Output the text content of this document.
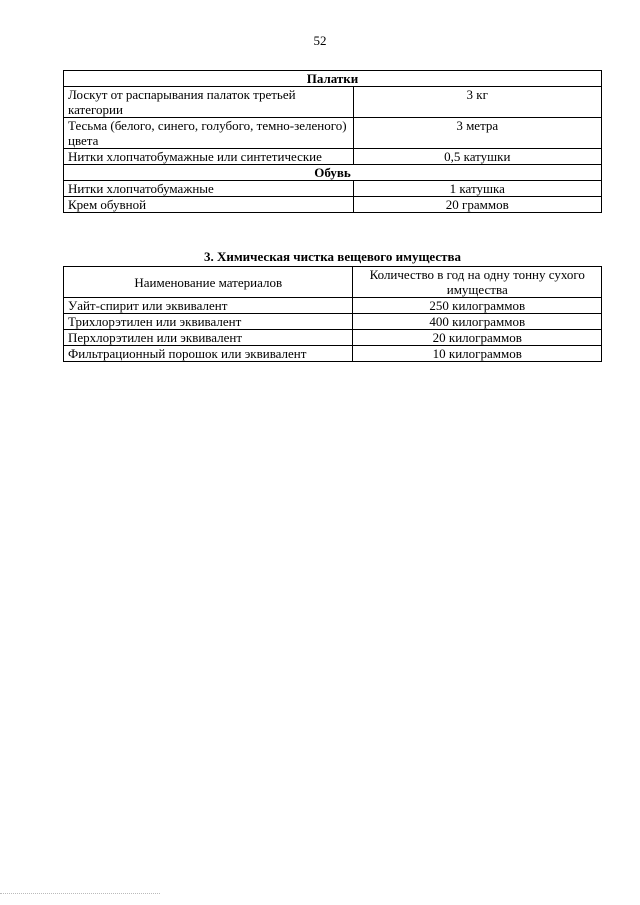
52
Палатки	
Лоскут от распарывания палаток третьей категории	3 кг
Тесьма (белого, синего, голубого, темно-зеленого) цвета	3 метра
Нитки хлопчатобумажные или синтетические	0,5 катушки
Обувь	
Нитки хлопчатобумажные	1 катушка
Крем обувной	20 граммов
3. Химическая чистка вещевого имущества
Наименование материалов	Количество в год на одну тонну сухого имущества
Уайт-спирит или эквивалент	250 килограммов
Трихлорэтилен или эквивалент	400 килограммов
Перхлорэтилен или эквивалент	20 килограммов
Фильтрационный порошок или эквивалент	10 килограммов
